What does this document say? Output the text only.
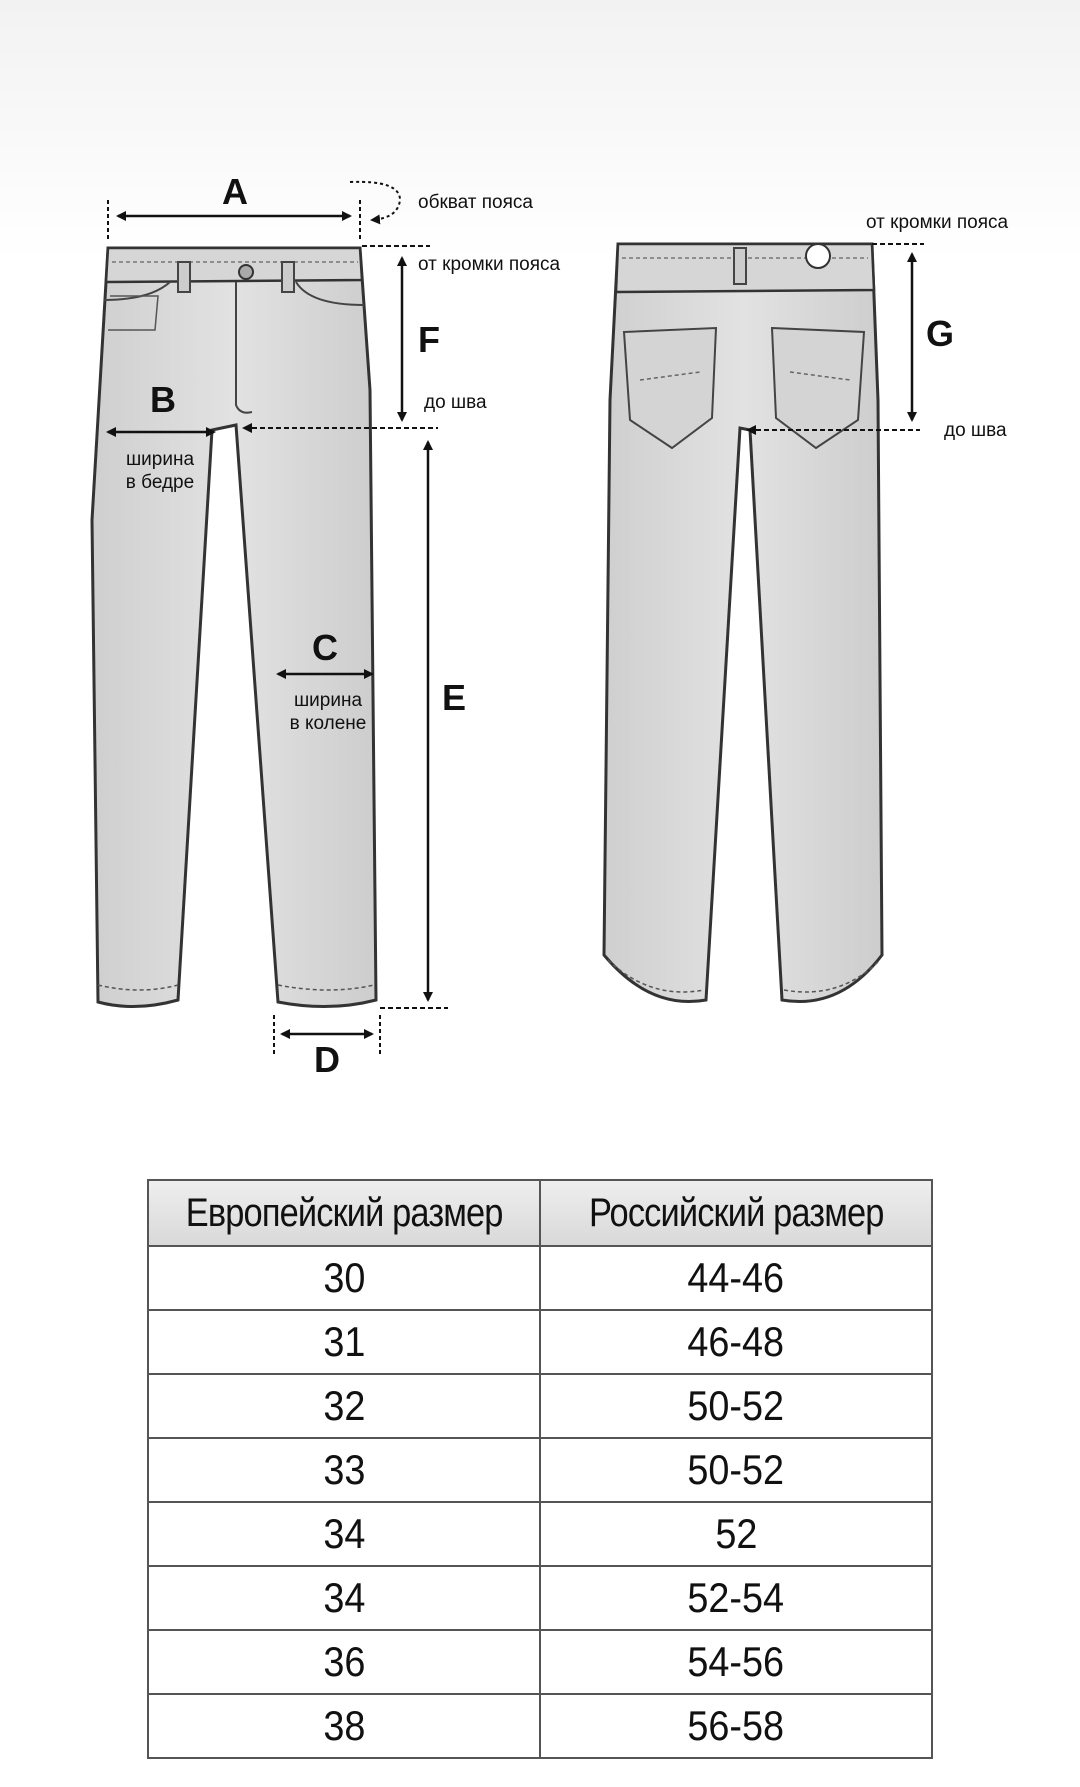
A	обкват пояса
от кромки пояса
F
до шва
B
ширина
в бедре
C
ширина
в колене
E
D
от кромки пояса
G
до шва
Европейский размер	Российский размер
30	44-46
31	46-48
32	50-52
33	50-52
34	52
34	52-54
36	54-56
38	56-58
